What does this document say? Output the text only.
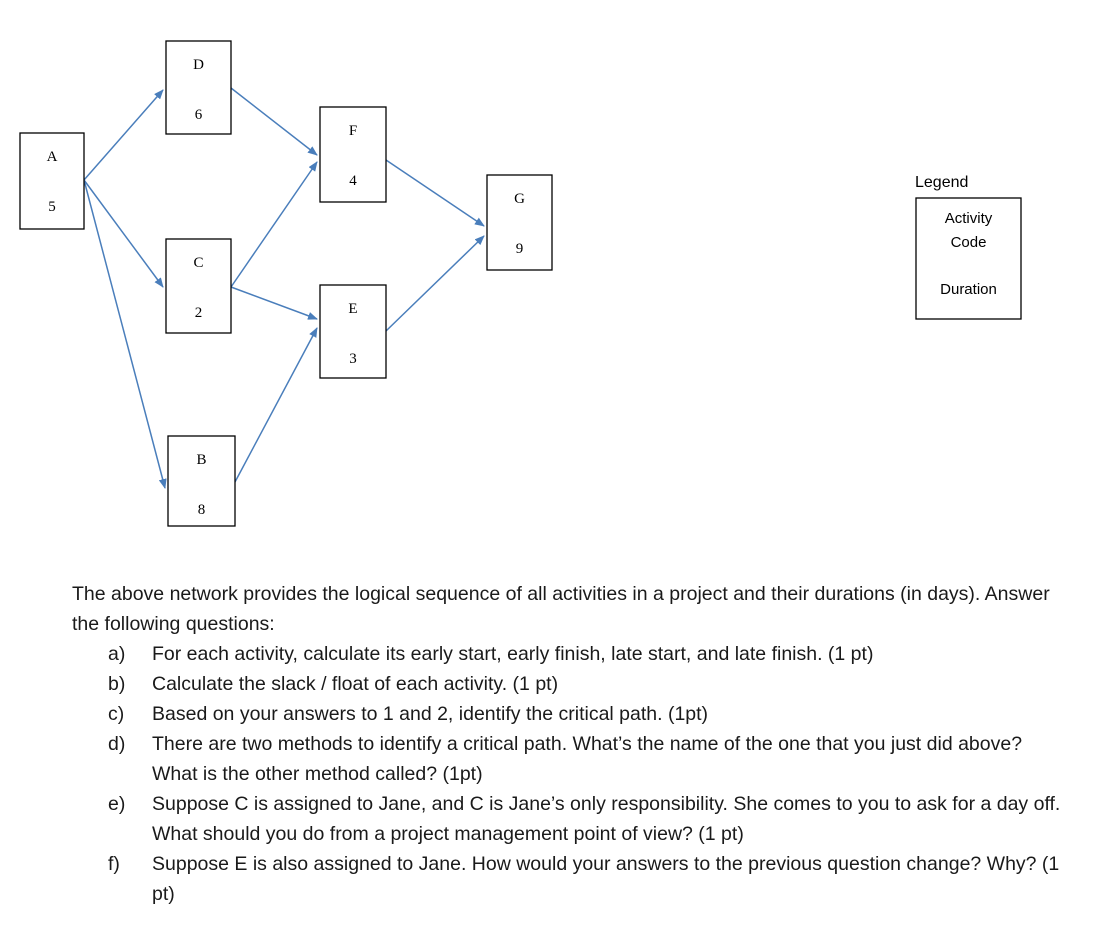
A
5
D
6
C
2
B
8
F
4
E
3
G
9
Legend
Activity
Code
Duration

The above network provides the logical sequence of all activities in a project and their durations (in days). Answer the following questions:

a) For each activity, calculate its early start, early finish, late start, and late finish. (1 pt)
b) Calculate the slack / float of each activity. (1 pt)
c) Based on your answers to 1 and 2, identify the critical path. (1pt)
d) There are two methods to identify a critical path. What’s the name of the one that you just did above? What is the other method called? (1pt)
e) Suppose C is assigned to Jane, and C is Jane’s only responsibility. She comes to you to ask for a day off. What should you do from a project management point of view? (1 pt)
f) Suppose E is also assigned to Jane. How would your answers to the previous question change? Why? (1 pt)
